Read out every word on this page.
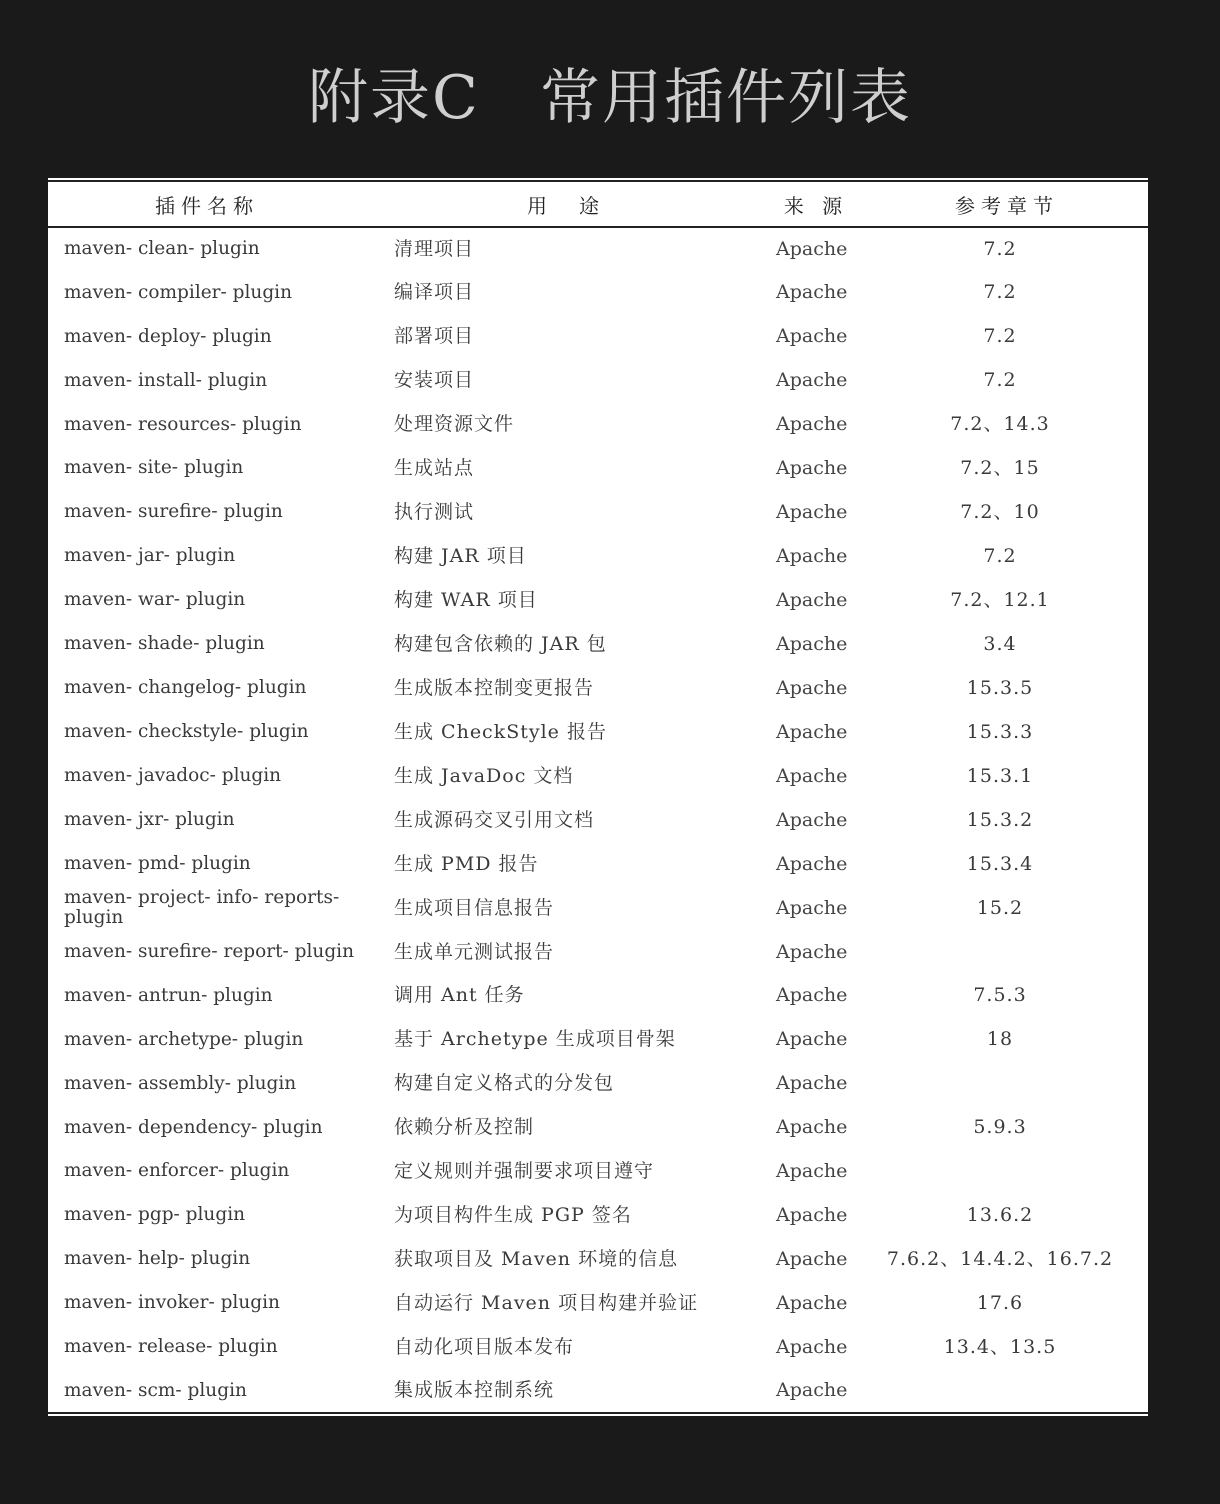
附录C 常用插件列表
插件名称	用　途	来 源	参考章节
maven- clean- plugin	清理项目	Apache	7.2
maven- compiler- plugin	编译项目	Apache	7.2
maven- deploy- plugin	部署项目	Apache	7.2
maven- install- plugin	安装项目	Apache	7.2
maven- resources- plugin	处理资源文件	Apache	7.2、14.3
maven- site- plugin	生成站点	Apache	7.2、15
maven- surefire- plugin	执行测试	Apache	7.2、10
maven- jar- plugin	构建 JAR 项目	Apache	7.2
maven- war- plugin	构建 WAR 项目	Apache	7.2、12.1
maven- shade- plugin	构建包含依赖的 JAR 包	Apache	3.4
maven- changelog- plugin	生成版本控制变更报告	Apache	15.3.5
maven- checkstyle- plugin	生成 CheckStyle 报告	Apache	15.3.3
maven- javadoc- plugin	生成 JavaDoc 文档	Apache	15.3.1
maven- jxr- plugin	生成源码交叉引用文档	Apache	15.3.2
maven- pmd- plugin	生成 PMD 报告	Apache	15.3.4
maven- project- info- reports- plugin	生成项目信息报告	Apache	15.2
maven- surefire- report- plugin	生成单元测试报告	Apache	
maven- antrun- plugin	调用 Ant 任务	Apache	7.5.3
maven- archetype- plugin	基于 Archetype 生成项目骨架	Apache	18
maven- assembly- plugin	构建自定义格式的分发包	Apache	
maven- dependency- plugin	依赖分析及控制	Apache	5.9.3
maven- enforcer- plugin	定义规则并强制要求项目遵守	Apache	
maven- pgp- plugin	为项目构件生成 PGP 签名	Apache	13.6.2
maven- help- plugin	获取项目及 Maven 环境的信息	Apache	7.6.2、14.4.2、16.7.2
maven- invoker- plugin	自动运行 Maven 项目构建并验证	Apache	17.6
maven- release- plugin	自动化项目版本发布	Apache	13.4、13.5
maven- scm- plugin	集成版本控制系统	Apache	
